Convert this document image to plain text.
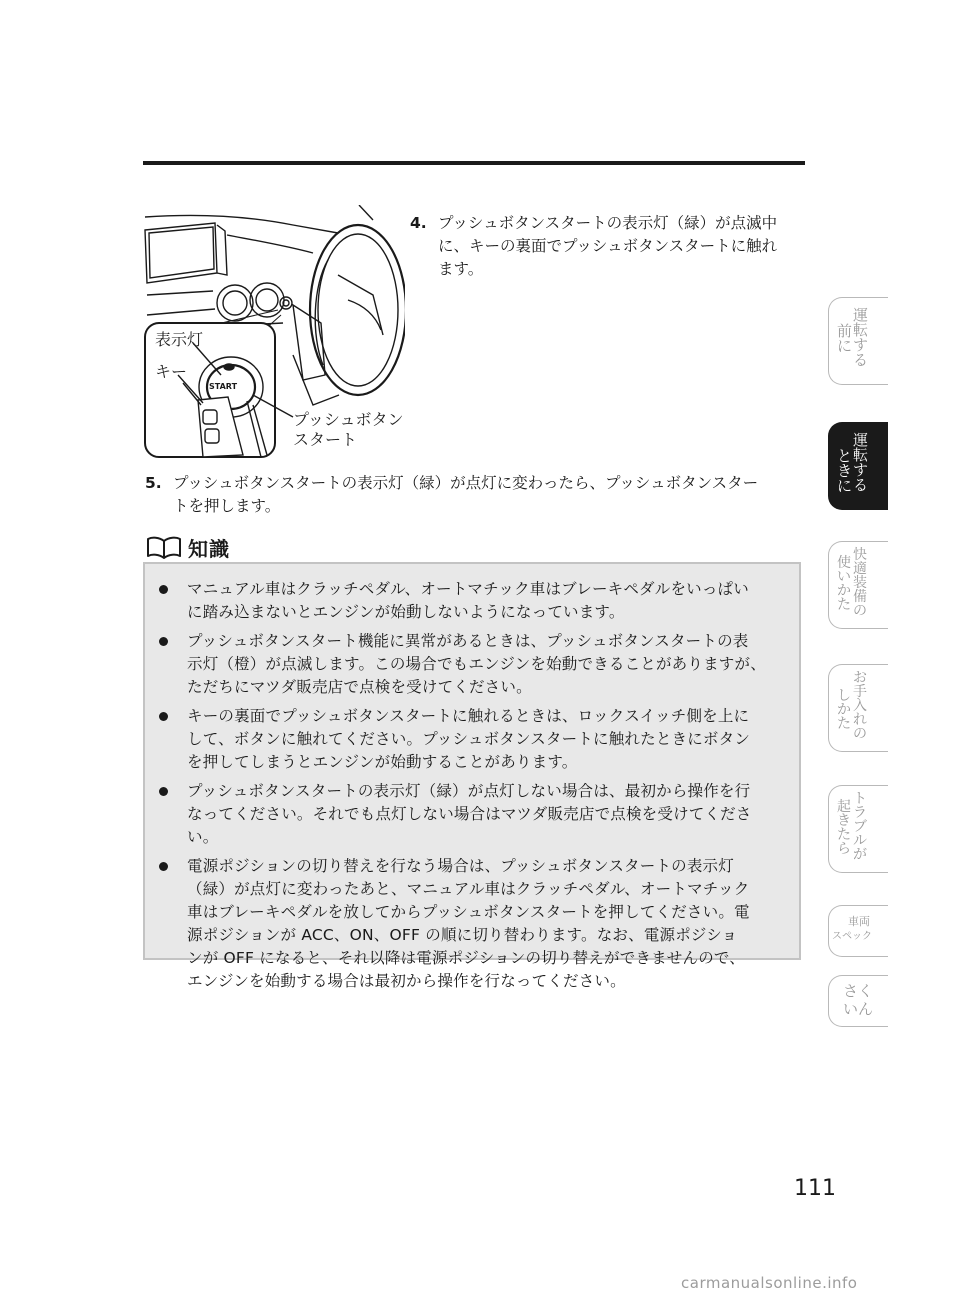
START
表示灯
キー
プッシュボタン
スタート
4. プッシュボタンスタートの表示灯（緑）が点滅中
に、キーの裏面でプッシュボタンスタートに触れ
ます。
5. プッシュボタンスタートの表示灯（緑）が点灯に変わったら、プッシュボタンスター
トを押します。
知識
マニュアル車はクラッチペダル、オートマチック車はブレーキペダルをいっぱい
に踏み込まないとエンジンが始動しないようになっています。
プッシュボタンスタート機能に異常があるときは、プッシュボタンスタートの表
示灯（橙）が点滅します。この場合でもエンジンを始動できることがありますが、
ただちにマツダ販売店で点検を受けてください。
キーの裏面でプッシュボタンスタートに触れるときは、ロックスイッチ側を上に
して、ボタンに触れてください。プッシュボタンスタートに触れたときにボタン
を押してしまうとエンジンが始動することがあります。
プッシュボタンスタートの表示灯（緑）が点灯しない場合は、最初から操作を行
なってください。それでも点灯しない場合はマツダ販売店で点検を受けてくださ
い。
電源ポジションの切り替えを行なう場合は、プッシュボタンスタートの表示灯
（緑）が点灯に変わったあと、マニュアル車はクラッチペダル、オートマチック
車はブレーキペダルを放してからプッシュボタンスタートを押してください。電
源ポジションが ACC、ON、OFF の順に切り替わります。なお、電源ポジショ
ンが OFF になると、それ以降は電源ポジションの切り替えができませんので、
エンジンを始動する場合は最初から操作を行なってください。
運転する
前に
運転する
ときに
快適装備の
使いかた
お手入れの
しかた
トラブルが
起きたら
車両
スペック
さく
いん
111
carmanualsonline.info
